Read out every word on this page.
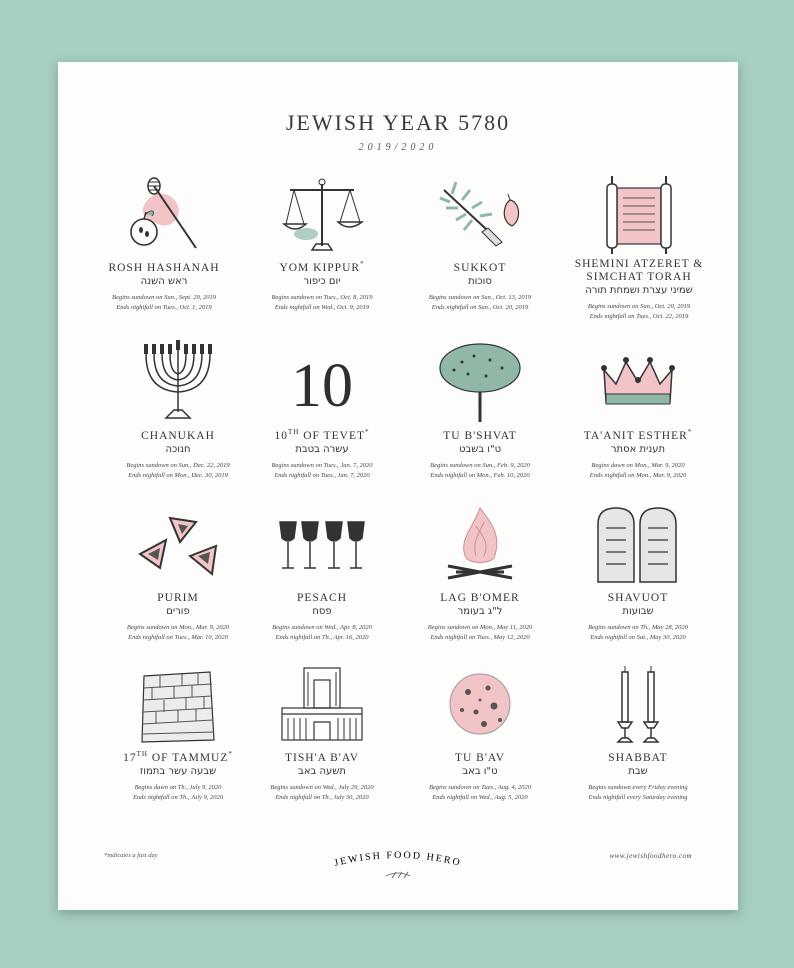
JEWISH YEAR 5780
2019/2020
ROSH HASHANAH
ראש השנה
Begins sundown on Sun., Sept. 29, 2019
Ends nightfall on Tues., Oct. 1, 2019
YOM KIPPUR*
יום כיפור
Begins sundown on Tues., Oct. 8, 2019
Ends nightfall on Wed., Oct. 9, 2019
SUKKOT
סוכות
Begins sundown on Sun., Oct. 13, 2019
Ends nightfall on Sun., Oct. 20, 2019
SHEMINI ATZERET &
SIMCHAT TORAH
שמיני עצרת ושמחת תורה
Begins sundown on Sun., Oct. 20, 2019
Ends nightfall on Tues., Oct. 22, 2019
CHANUKAH
חנוכה
Begins sundown on Sun., Dec. 22, 2019
Ends nightfall on Mon., Dec. 30, 2019
10
10TH OF TEVET*
עשרה בטבת
Begins sundown on Tues., Jan. 7, 2020
Ends nightfall on Tues., Jan. 7, 2020
TU B'SHVAT
ט"ו בשבט
Begins sundown on Sun., Feb. 9, 2020
Ends nightfall on Mon., Feb. 10, 2020
TA'ANIT ESTHER*
תענית אסתר
Begins dawn on Mon., Mar. 9, 2020
Ends nightfall on Mon., Mar. 9, 2020
PURIM
פורים
Begins sundown on Mon., Mar. 9, 2020
Ends nightfall on Tues., Mar. 10, 2020
PESACH
פסח
Begins sundown on Wed., Apr. 8, 2020
Ends nightfall on Th., Apr. 16, 2020
LAG B'OMER
ל"ג בעומר
Begins sundown on Mon., May 11, 2020
Ends nightfall on Tues., May 12, 2020
SHAVUOT
שבועות
Begins sundown on Th., May 28, 2020
Ends nightfall on Sat., May 30, 2020
17TH OF TAMMUZ*
שבעה עשר בתמוז
Begins dawn on Th., July 9, 2020
Ends nightfall on Th., July 9, 2020
TISH'A B'AV
תשעה באב
Begins sundown on Wed., July 29, 2020
Ends nightfall on Th., July 30, 2020
TU B'AV
ט"ו באב
Begins sundown on Tues., Aug. 4, 2020
Ends nightfall on Wed., Aug. 5, 2020
SHABBAT
שבת
Begins sundown every Friday evening
Ends nightfall every Saturday evening
*indicates a fast day
JEWISH FOOD HERO
www.jewishfoodhero.com
